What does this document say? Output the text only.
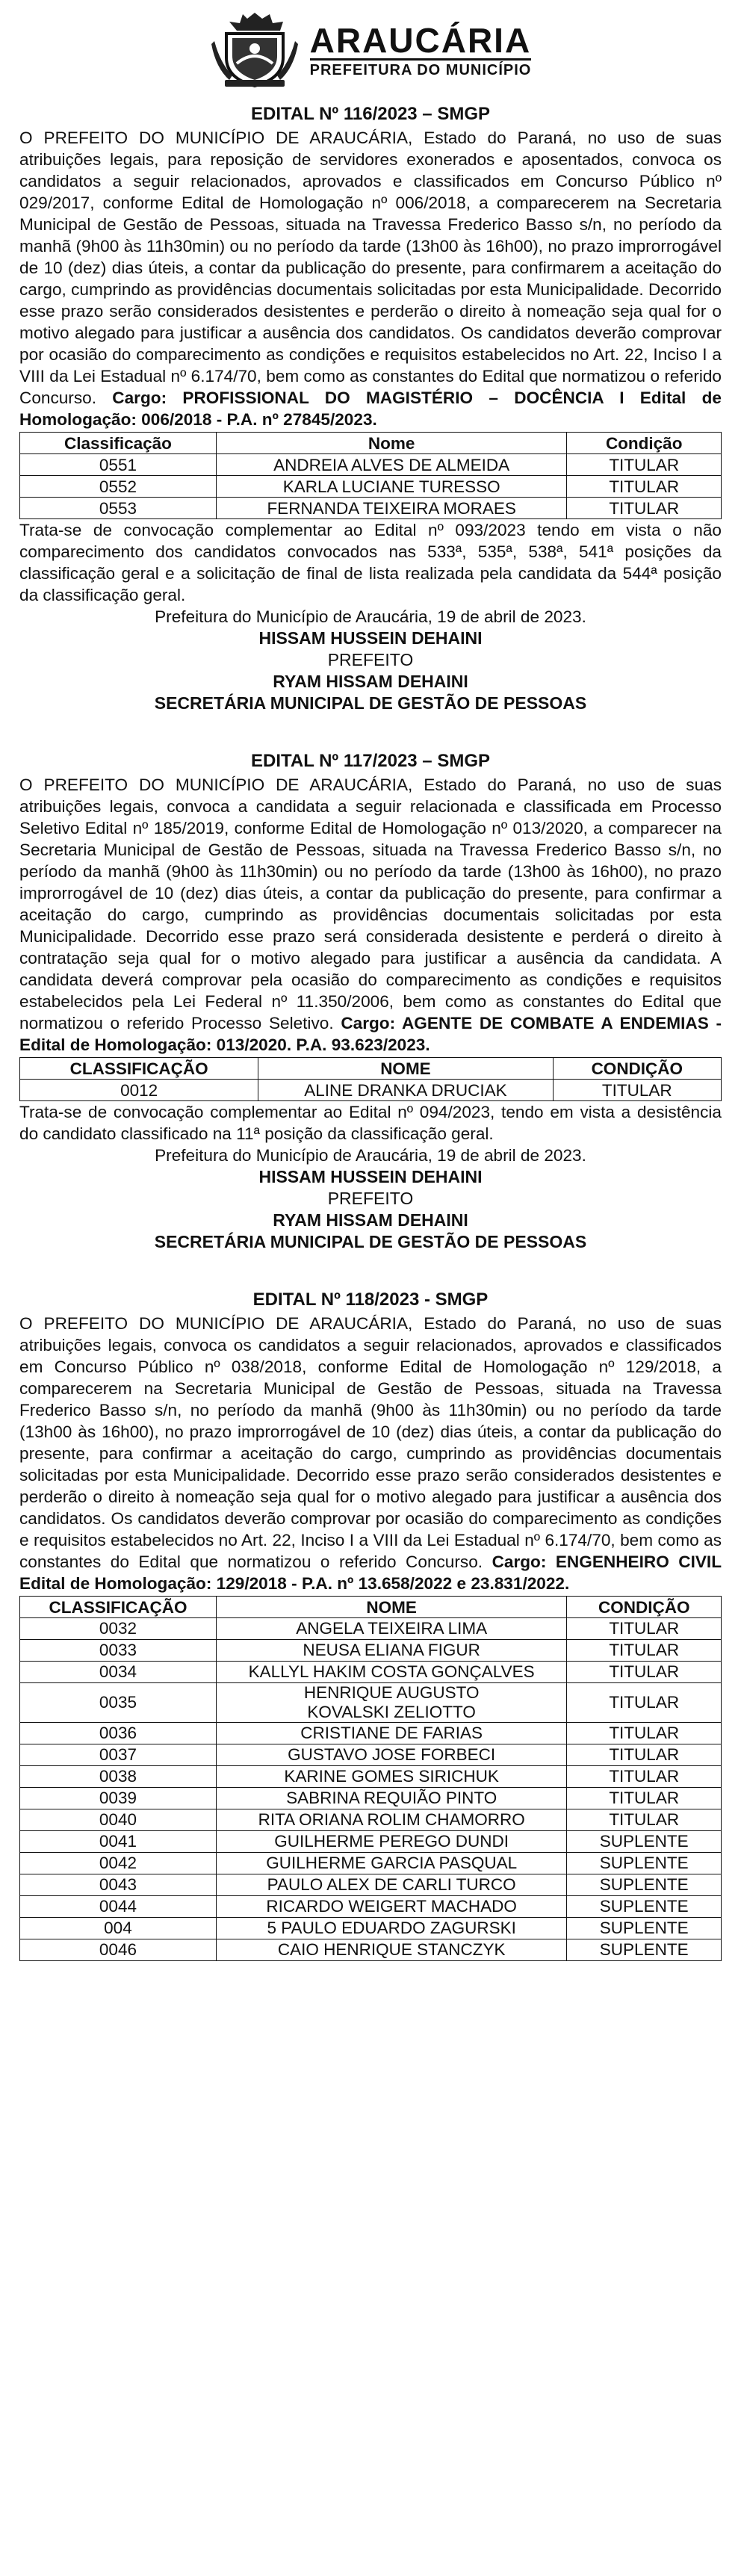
ARAUCÁRIA
PREFEITURA DO MUNICÍPIO
EDITAL Nº 116/2023 – SMGP

O PREFEITO DO MUNICÍPIO DE ARAUCÁRIA, Estado do Paraná, no uso de suas atribuições legais, para reposição de servidores exonerados e aposentados, convoca os candidatos a seguir relacionados, aprovados e classificados em Concurso Público nº 029/2017, conforme Edital de Homologação nº 006/2018, a comparecerem na Secretaria Municipal de Gestão de Pessoas, situada na Travessa Frederico Basso s/n, no período da manhã (9h00 às 11h30min) ou no período da tarde (13h00 às 16h00), no prazo improrrogável de 10 (dez) dias úteis, a contar da publicação do presente, para confirmarem a aceitação do cargo, cumprindo as providências documentais solicitadas por esta Municipalidade. Decorrido esse prazo serão considerados desistentes e perderão o direito à nomeação seja qual for o motivo alegado para justificar a ausência dos candidatos. Os candidatos deverão comprovar por ocasião do comparecimento as condições e requisitos estabelecidos no Art. 22, Inciso I a VIII da Lei Estadual nº 6.174/70, bem como as constantes do Edital que normatizou o referido Concurso. Cargo: PROFISSIONAL DO MAGISTÉRIO – DOCÊNCIA I Edital de Homologação: 006/2018 - P.A. nº 27845/2023.

Classificação	Nome	Condição
0551	ANDREIA ALVES DE ALMEIDA	TITULAR
0552	KARLA LUCIANE TURESSO	TITULAR
0553	FERNANDA TEIXEIRA MORAES	TITULAR

Trata-se de convocação complementar ao Edital nº 093/2023 tendo em vista o não comparecimento dos candidatos convocados nas 533ª, 535ª, 538ª, 541ª posições da classificação geral e a solicitação de final de lista realizada pela candidata da 544ª posição da classificação geral.

Prefeitura do Município de Araucária, 19 de abril de 2023.

HISSAM HUSSEIN DEHAINI

PREFEITO

RYAM HISSAM DEHAINI

SECRETÁRIA MUNICIPAL DE GESTÃO DE PESSOAS

EDITAL Nº 117/2023 – SMGP

O PREFEITO DO MUNICÍPIO DE ARAUCÁRIA, Estado do Paraná, no uso de suas atribuições legais, convoca a candidata a seguir relacionada e classificada em Processo Seletivo Edital nº 185/2019, conforme Edital de Homologação nº 013/2020, a comparecer na Secretaria Municipal de Gestão de Pessoas, situada na Travessa Frederico Basso s/n, no período da manhã (9h00 às 11h30min) ou no período da tarde (13h00 às 16h00), no prazo improrrogável de 10 (dez) dias úteis, a contar da publicação do presente, para confirmar a aceitação do cargo, cumprindo as providências documentais solicitadas por esta Municipalidade. Decorrido esse prazo será considerada desistente e perderá o direito à contratação seja qual for o motivo alegado para justificar a ausência da candidata. A candidata deverá comprovar pela ocasião do comparecimento as condições e requisitos estabelecidos pela Lei Federal nº 11.350/2006, bem como as constantes do Edital que normatizou o referido Processo Seletivo. Cargo: AGENTE DE COMBATE A ENDEMIAS - Edital de Homologação: 013/2020. P.A. 93.623/2023.

CLASSIFICAÇÃO	NOME	CONDIÇÃO
0012	ALINE DRANKA DRUCIAK	TITULAR

Trata-se de convocação complementar ao Edital nº 094/2023, tendo em vista a desistência do candidato classificado na 11ª posição da classificação geral.

Prefeitura do Município de Araucária, 19 de abril de 2023.

HISSAM HUSSEIN DEHAINI

PREFEITO

RYAM HISSAM DEHAINI

SECRETÁRIA MUNICIPAL DE GESTÃO DE PESSOAS

EDITAL Nº 118/2023 - SMGP

O PREFEITO DO MUNICÍPIO DE ARAUCÁRIA, Estado do Paraná, no uso de suas atribuições legais, convoca os candidatos a seguir relacionados, aprovados e classificados em Concurso Público nº 038/2018, conforme Edital de Homologação nº 129/2018, a comparecerem na Secretaria Municipal de Gestão de Pessoas, situada na Travessa Frederico Basso s/n, no período da manhã (9h00 às 11h30min) ou no período da tarde (13h00 às 16h00), no prazo improrrogável de 10 (dez) dias úteis, a contar da publicação do presente, para confirmar a aceitação do cargo, cumprindo as providências documentais solicitadas por esta Municipalidade. Decorrido esse prazo serão considerados desistentes e perderão o direito à nomeação seja qual for o motivo alegado para justificar a ausência dos candidatos. Os candidatos deverão comprovar por ocasião do comparecimento as condições e requisitos estabelecidos no Art. 22, Inciso I a VIII da Lei Estadual nº 6.174/70, bem como as constantes do Edital que normatizou o referido Concurso. Cargo: ENGENHEIRO CIVIL Edital de Homologação: 129/2018 - P.A. nº 13.658/2022 e 23.831/2022.

CLASSIFICAÇÃO	NOME	CONDIÇÃO
0032	ANGELA TEIXEIRA LIMA	TITULAR
0033	NEUSA ELIANA FIGUR	TITULAR
0034	KALLYL HAKIM COSTA GONÇALVES	TITULAR
0035	HENRIQUE AUGUSTO KOVALSKI ZELIOTTO	TITULAR
0036	CRISTIANE DE FARIAS	TITULAR
0037	GUSTAVO JOSE FORBECI	TITULAR
0038	KARINE GOMES SIRICHUK	TITULAR
0039	SABRINA REQUIÃO PINTO	TITULAR
0040	RITA ORIANA ROLIM CHAMORRO	TITULAR
0041	GUILHERME PEREGO DUNDI	SUPLENTE
0042	GUILHERME GARCIA PASQUAL	SUPLENTE
0043	PAULO ALEX DE CARLI TURCO	SUPLENTE
0044	RICARDO WEIGERT MACHADO	SUPLENTE
004	5 PAULO EDUARDO ZAGURSKI	SUPLENTE
0046	CAIO HENRIQUE STANCZYK	SUPLENTE
